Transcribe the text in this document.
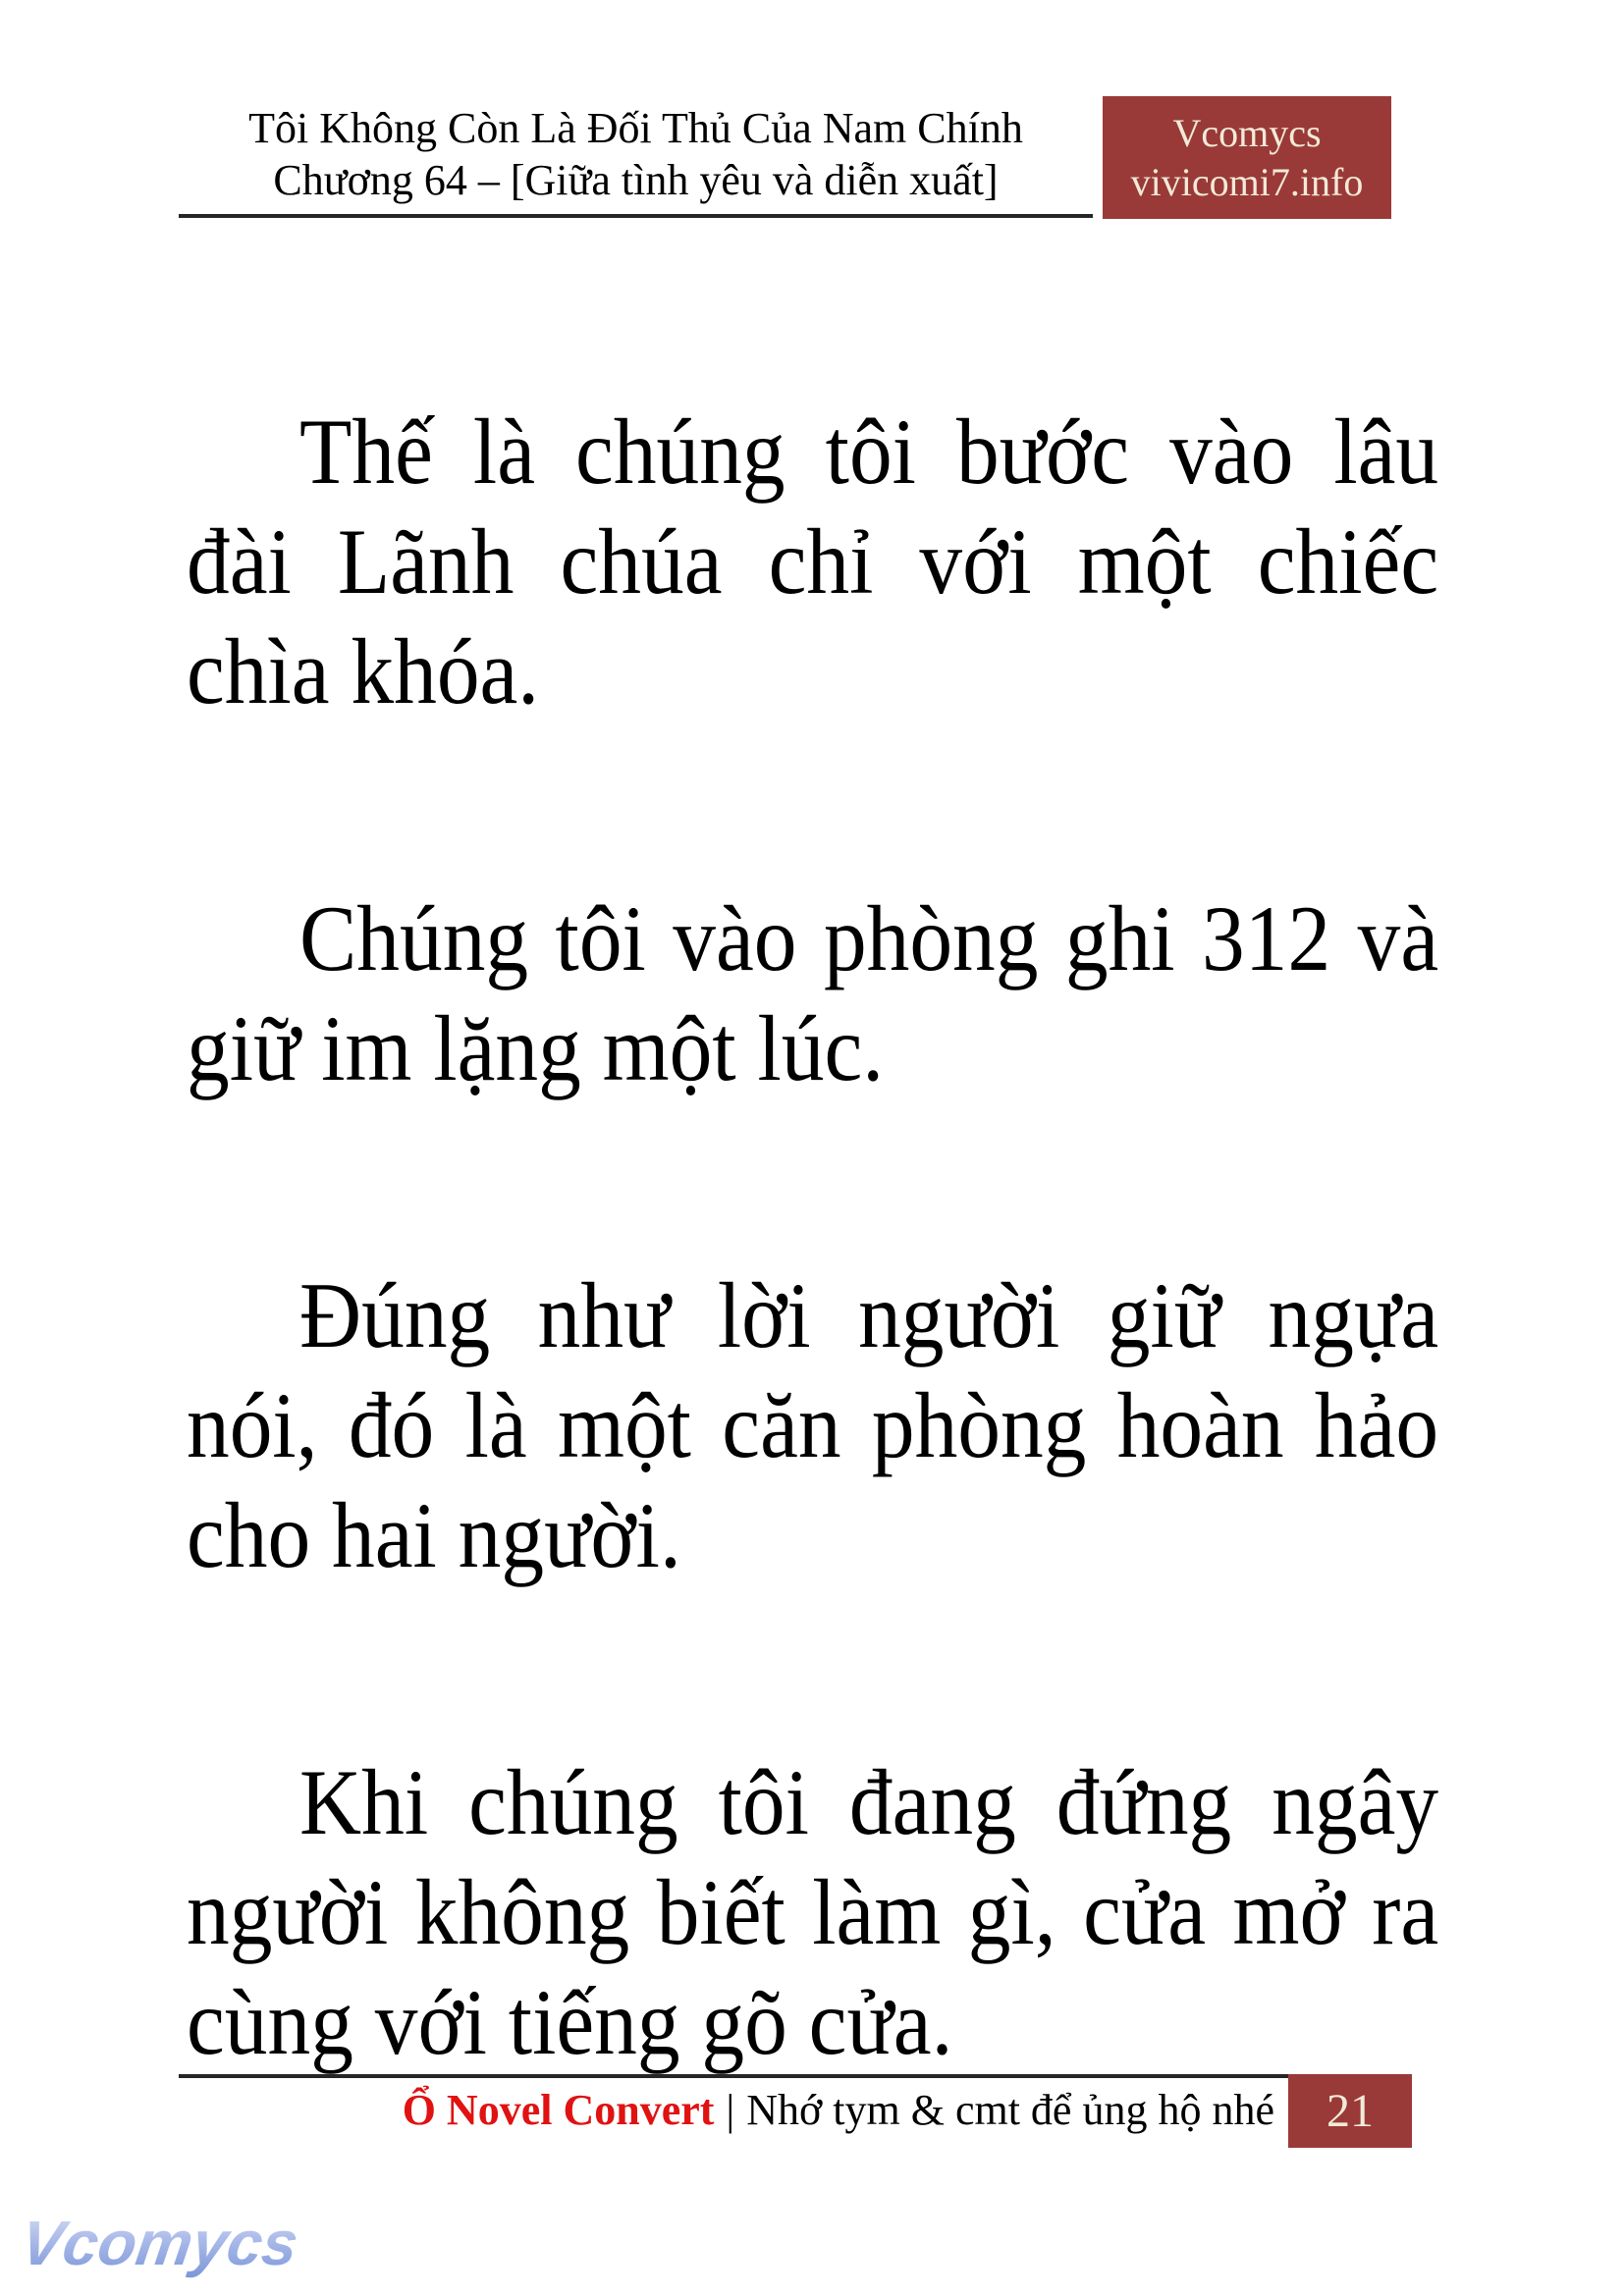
Tôi Không Còn Là Đối Thủ Của Nam Chính
Chương 64 – [Giữa tình yêu và diễn xuất]
Vcomycs
vivicomi7.info

Thế là chúng tôi bước vào lâu đài Lãnh chúa chỉ với một chiếc chìa khóa.

Chúng tôi vào phòng ghi 312 và giữ im lặng một lúc.

Đúng như lời người giữ ngựa nói, đó là một căn phòng hoàn hảo cho hai người.

Khi chúng tôi đang đứng ngây người không biết làm gì, cửa mở ra cùng với tiếng gõ cửa.

Ổ Novel Convert | Nhớ tym & cmt để ủng hộ nhé 21
Vcomycs
